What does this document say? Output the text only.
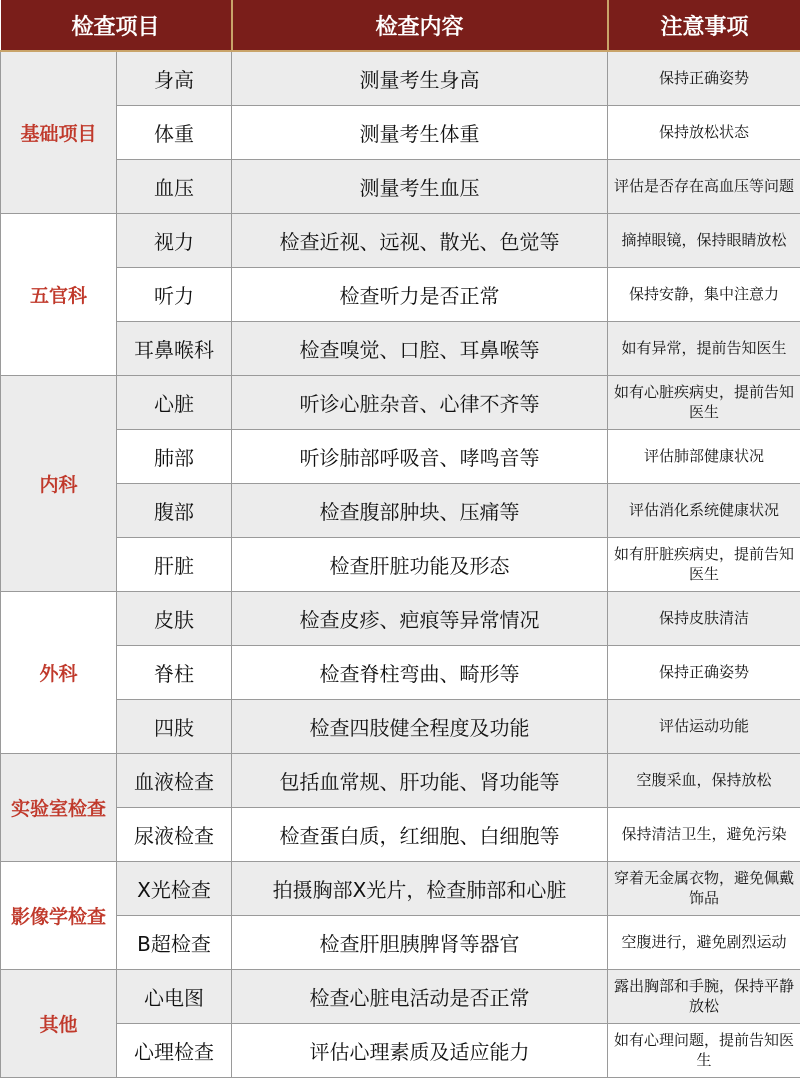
检查项目		检查内容	注意事项
基础项目	身高	测量考生身高	保持正确姿势
	体重	测量考生体重	保持放松状态
	血压	测量考生血压	评估是否存在高血压等问题
五官科	视力	检查近视、远视、散光、色觉等	摘掉眼镜，保持眼睛放松
	听力	检查听力是否正常	保持安静，集中注意力
	耳鼻喉科	检查嗅觉、口腔、耳鼻喉等	如有异常，提前告知医生
内科	心脏	听诊心脏杂音、心律不齐等	如有心脏疾病史，提前告知医生
	肺部	听诊肺部呼吸音、哮鸣音等	评估肺部健康状况
	腹部	检查腹部肿块、压痛等	评估消化系统健康状况
	肝脏	检查肝脏功能及形态	如有肝脏疾病史，提前告知医生
外科	皮肤	检查皮疹、疤痕等异常情况	保持皮肤清洁
	脊柱	检查脊柱弯曲、畸形等	保持正确姿势
	四肢	检查四肢健全程度及功能	评估运动功能
实验室检查	血液检查	包括血常规、肝功能、肾功能等	空腹采血，保持放松
	尿液检查	检查蛋白质，红细胞、白细胞等	保持清洁卫生，避免污染
影像学检查	X光检查	拍摄胸部X光片，检查肺部和心脏	穿着无金属衣物，避免佩戴饰品
	B超检查	检查肝胆胰脾肾等器官	空腹进行，避免剧烈运动
其他	心电图	检查心脏电活动是否正常	露出胸部和手腕，保持平静放松
	心理检查	评估心理素质及适应能力	如有心理问题，提前告知医生
